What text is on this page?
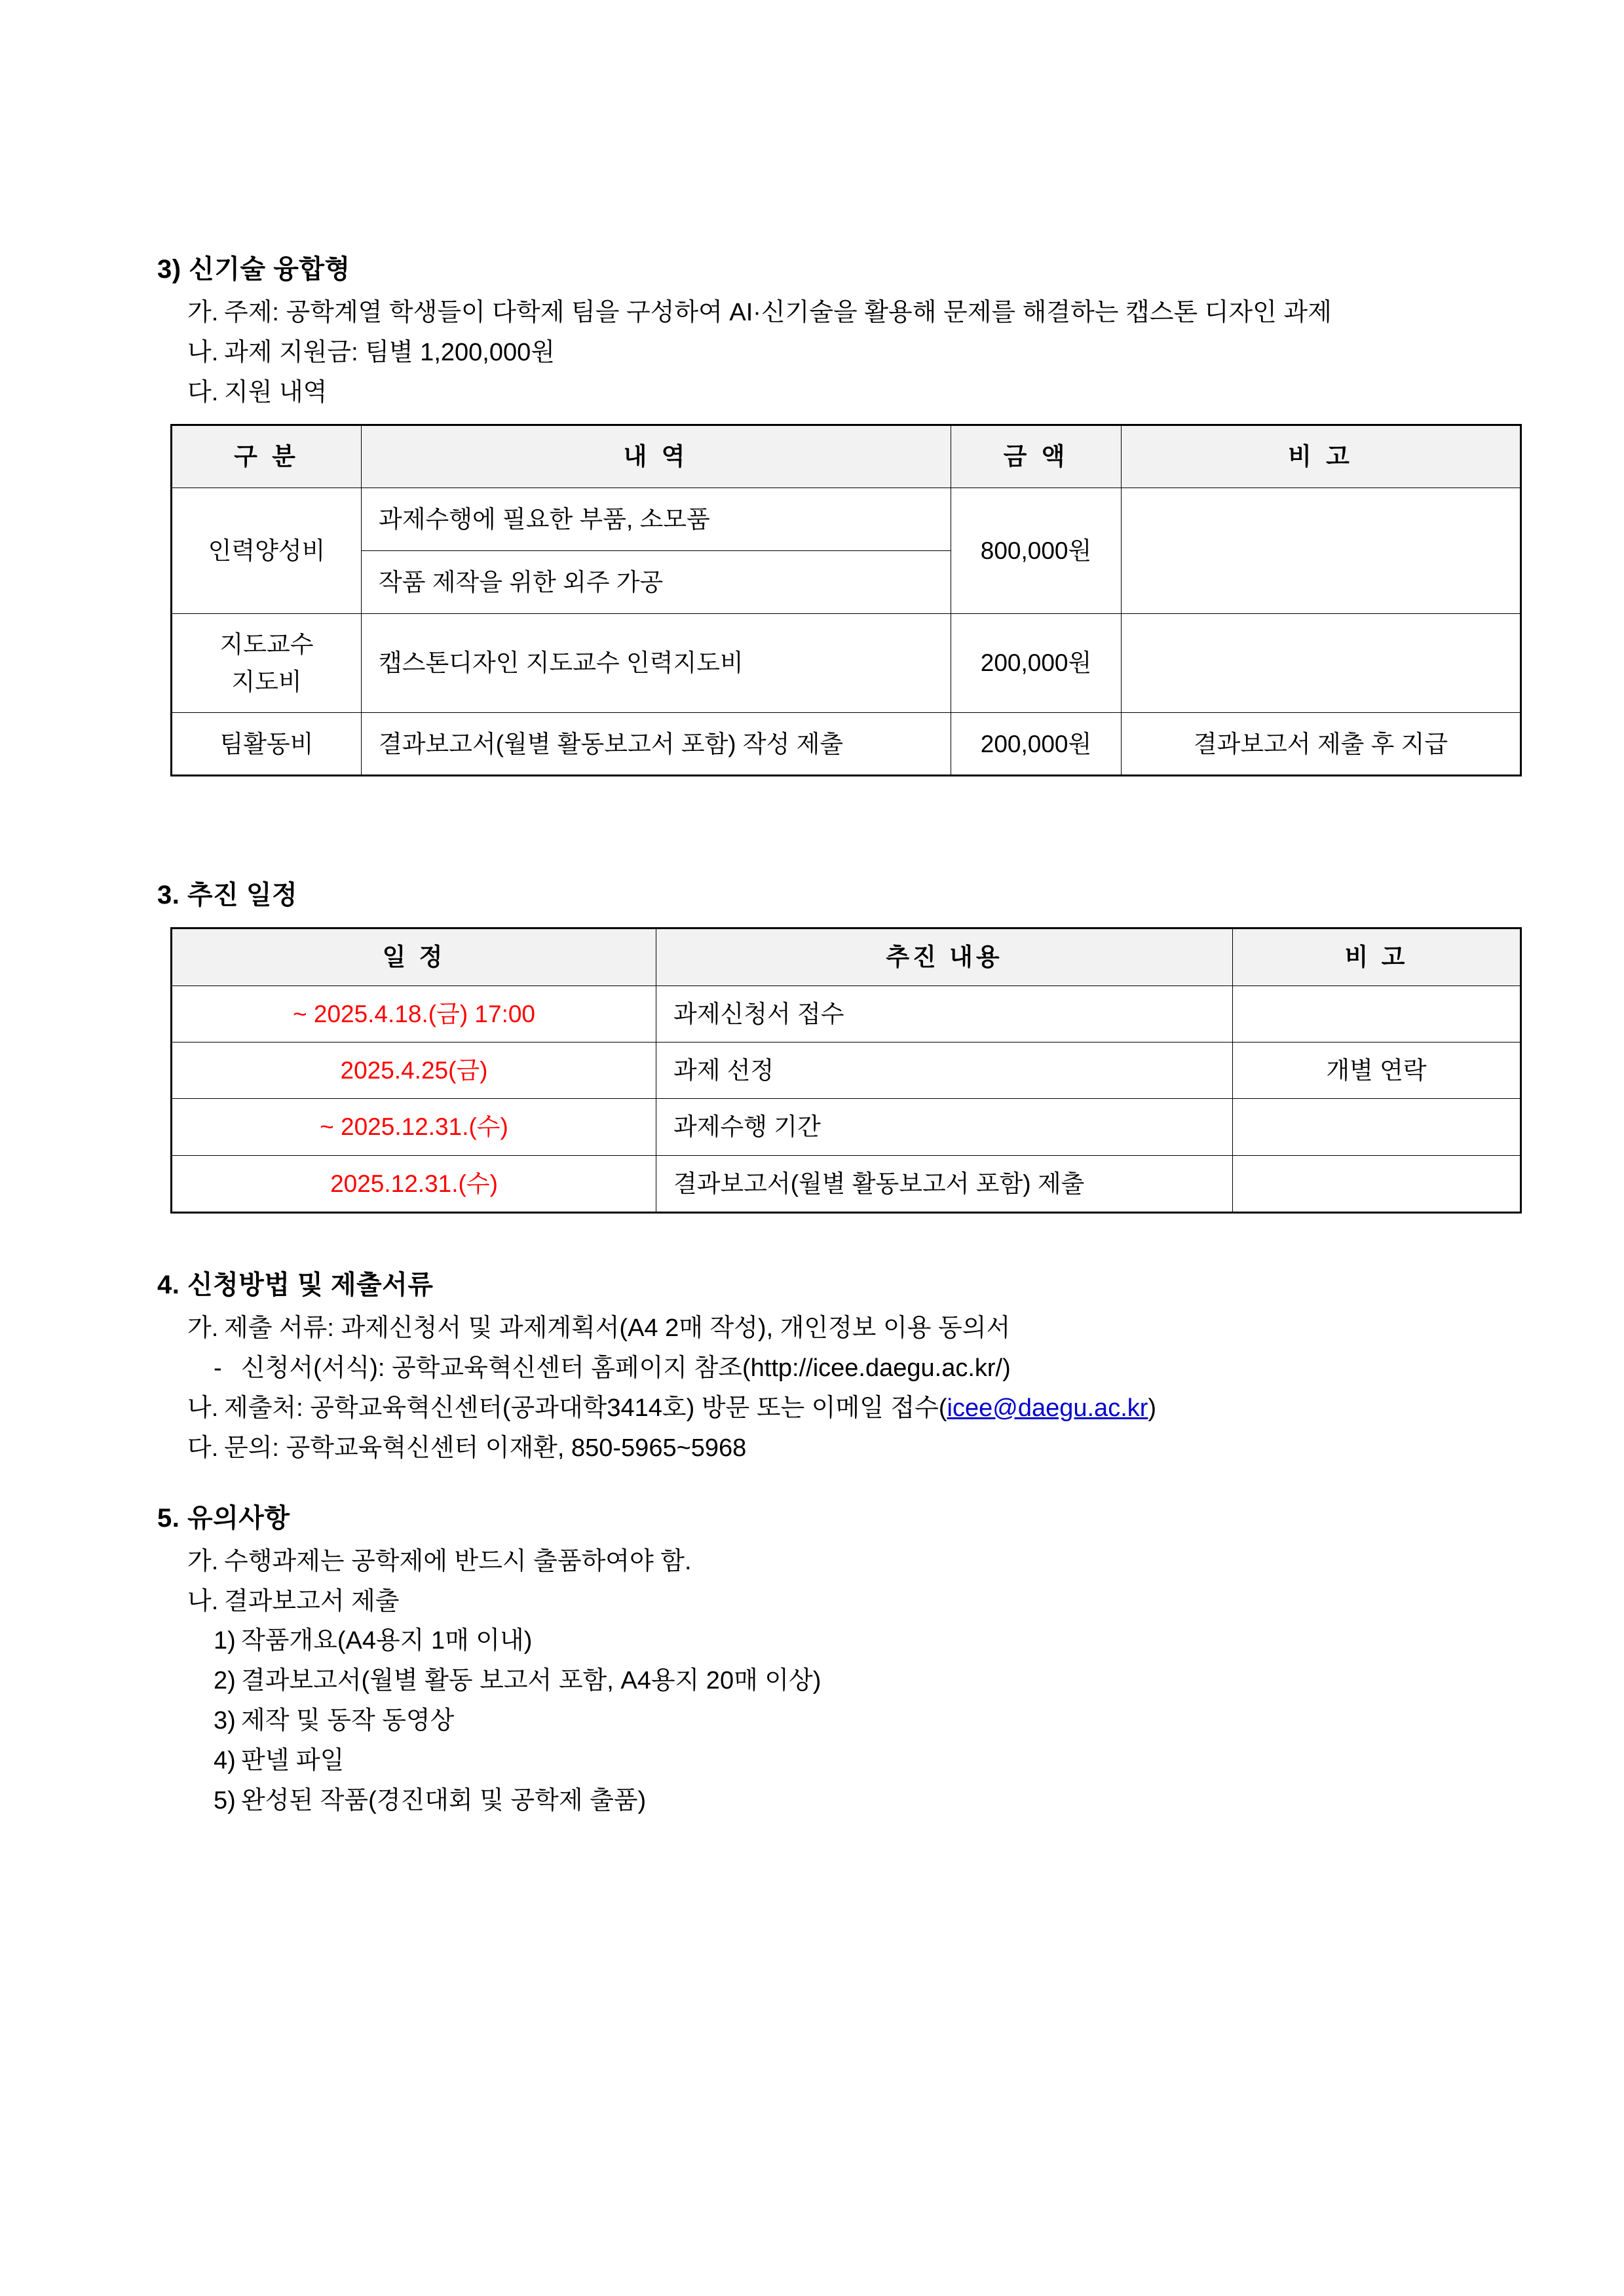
3) 신기술 융합형
가. 주제: 공학계열 학생들이 다학제 팀을 구성하여 AI·신기술을 활용해 문제를 해결하는 캡스톤 디자인 과제
나. 과제 지원금: 팀별 1,200,000원
다. 지원 내역
구 분	내 역	금 액	비 고
인력양성비	과제수행에 필요한 부품, 소모품	800,000원	
	작품 제작을 위한 외주 가공		
지도교수
지도비	캡스톤디자인 지도교수 인력지도비	200,000원	
팀활동비	결과보고서(월별 활동보고서 포함) 작성 제출	200,000원	결과보고서 제출 후 지급
3. 추진 일정
일 정	추진 내용	비 고
~ 2025.4.18.(금) 17:00	과제신청서 접수	
2025.4.25(금)	과제 선정	개별 연락
~ 2025.12.31.(수)	과제수행 기간	
2025.12.31.(수)	결과보고서(월별 활동보고서 포함) 제출	
4. 신청방법 및 제출서류
가. 제출 서류: 과제신청서 및 과제계획서(A4 2매 작성), 개인정보 이용 동의서
- 신청서(서식): 공학교육혁신센터 홈페이지 참조(http://icee.daegu.ac.kr/)
나. 제출처: 공학교육혁신센터(공과대학3414호) 방문 또는 이메일 접수(icee@daegu.ac.kr)
다. 문의: 공학교육혁신센터 이재환, 850-5965~5968
5. 유의사항
가. 수행과제는 공학제에 반드시 출품하여야 함.
나. 결과보고서 제출
1) 작품개요(A4용지 1매 이내)
2) 결과보고서(월별 활동 보고서 포함, A4용지 20매 이상)
3) 제작 및 동작 동영상
4) 판넬 파일
5) 완성된 작품(경진대회 및 공학제 출품)
